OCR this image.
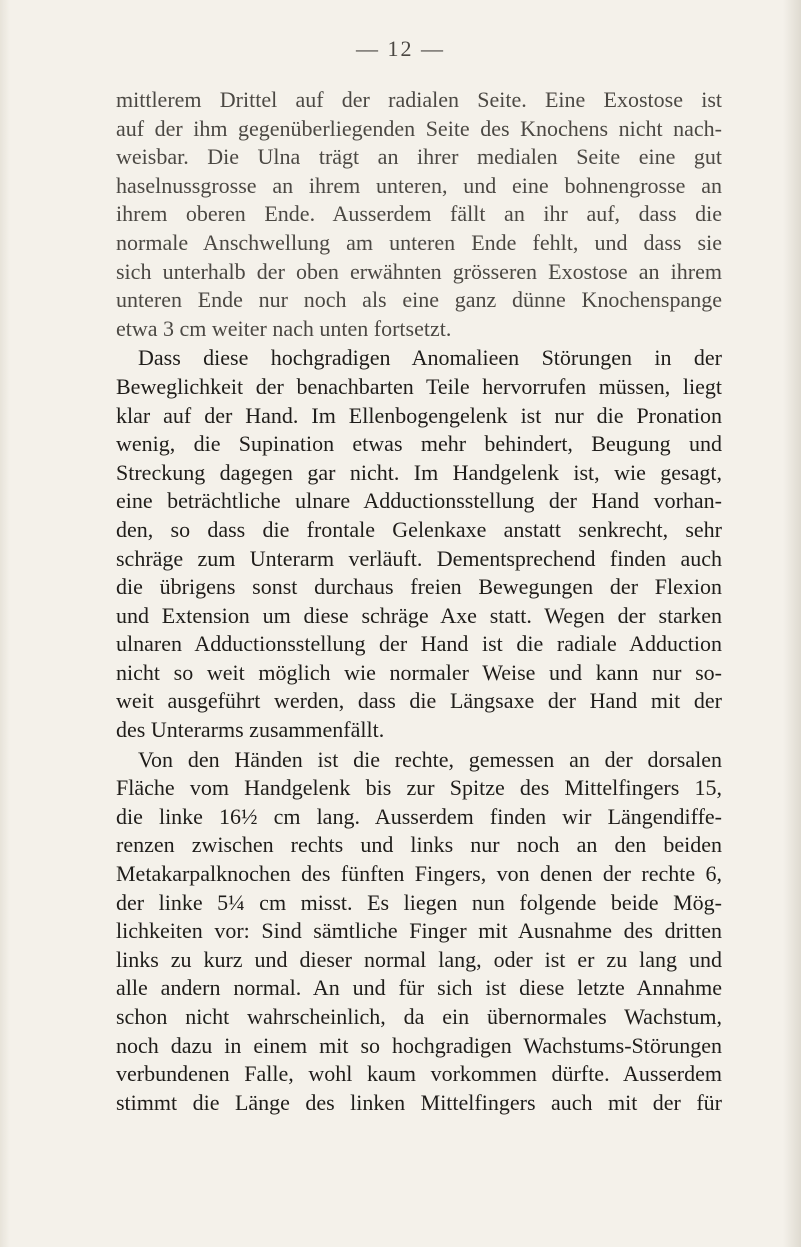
— 12 —

mittlerem Drittel auf der radialen Seite. Eine Exostose ist
auf der ihm gegenüberliegenden Seite des Knochens nicht nach-
weisbar. Die Ulna trägt an ihrer medialen Seite eine gut
haselnussgrosse an ihrem unteren, und eine bohnengrosse an
ihrem oberen Ende. Ausserdem fällt an ihr auf, dass die
normale Anschwellung am unteren Ende fehlt, und dass sie
sich unterhalb der oben erwähnten grösseren Exostose an ihrem
unteren Ende nur noch als eine ganz dünne Knochenspange
etwa 3 cm weiter nach unten fortsetzt.

Dass diese hochgradigen Anomalieen Störungen in der
Beweglichkeit der benachbarten Teile hervorrufen müssen, liegt
klar auf der Hand. Im Ellenbogengelenk ist nur die Pronation
wenig, die Supination etwas mehr behindert, Beugung und
Streckung dagegen gar nicht. Im Handgelenk ist, wie gesagt,
eine beträchtliche ulnare Adductionsstellung der Hand vorhan-
den, so dass die frontale Gelenkaxe anstatt senkrecht, sehr
schräge zum Unterarm verläuft. Dementsprechend finden auch
die übrigens sonst durchaus freien Bewegungen der Flexion
und Extension um diese schräge Axe statt. Wegen der starken
ulnaren Adductionsstellung der Hand ist die radiale Adduction
nicht so weit möglich wie normaler Weise und kann nur so-
weit ausgeführt werden, dass die Längsaxe der Hand mit der
des Unterarms zusammenfällt.

Von den Händen ist die rechte, gemessen an der dorsalen
Fläche vom Handgelenk bis zur Spitze des Mittelfingers 15,
die linke 16½ cm lang. Ausserdem finden wir Längendiffe-
renzen zwischen rechts und links nur noch an den beiden
Metakarpalknochen des fünften Fingers, von denen der rechte 6,
der linke 5¼ cm misst. Es liegen nun folgende beide Mög-
lichkeiten vor: Sind sämtliche Finger mit Ausnahme des dritten
links zu kurz und dieser normal lang, oder ist er zu lang und
alle andern normal. An und für sich ist diese letzte Annahme
schon nicht wahrscheinlich, da ein übernormales Wachstum,
noch dazu in einem mit so hochgradigen Wachstums-Störungen
verbundenen Falle, wohl kaum vorkommen dürfte. Ausserdem
stimmt die Länge des linken Mittelfingers auch mit der für
